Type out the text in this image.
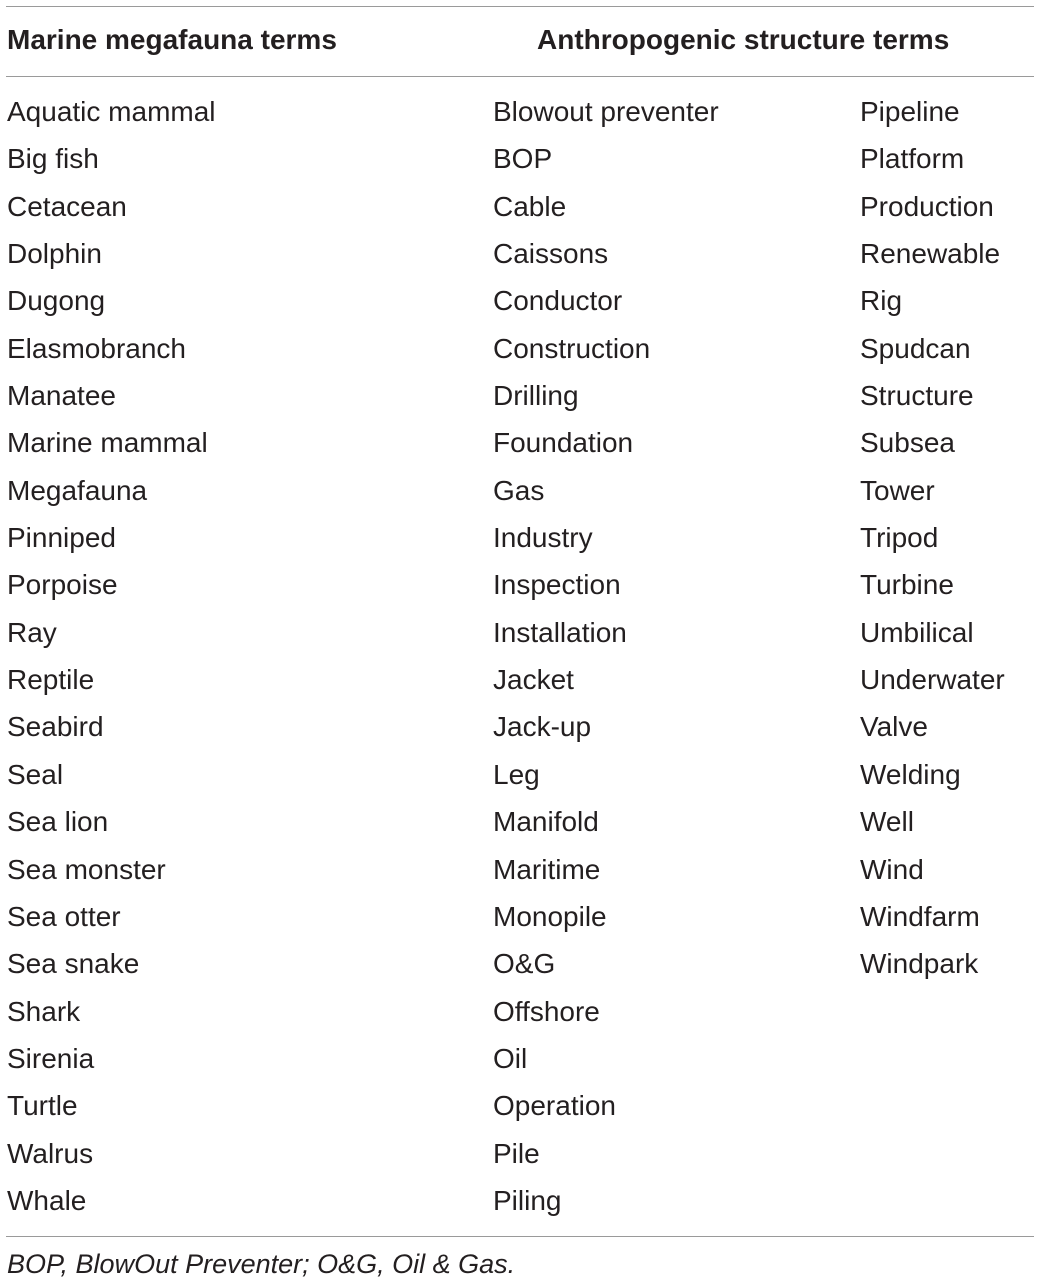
Marine megafauna terms	Anthropogenic structure terms
Aquatic mammal
Big fish
Cetacean
Dolphin
Dugong
Elasmobranch
Manatee
Marine mammal
Megafauna
Pinniped
Porpoise
Ray
Reptile
Seabird
Seal
Sea lion
Sea monster
Sea otter
Sea snake
Shark
Sirenia
Turtle
Walrus
Whale
Blowout preventer
BOP
Cable
Caissons
Conductor
Construction
Drilling
Foundation
Gas
Industry
Inspection
Installation
Jacket
Jack-up
Leg
Manifold
Maritime
Monopile
O&G
Offshore
Oil
Operation
Pile
Piling
Pipeline
Platform
Production
Renewable
Rig
Spudcan
Structure
Subsea
Tower
Tripod
Turbine
Umbilical
Underwater
Valve
Welding
Well
Wind
Windfarm
Windpark
BOP, BlowOut Preventer; O&G, Oil & Gas.
